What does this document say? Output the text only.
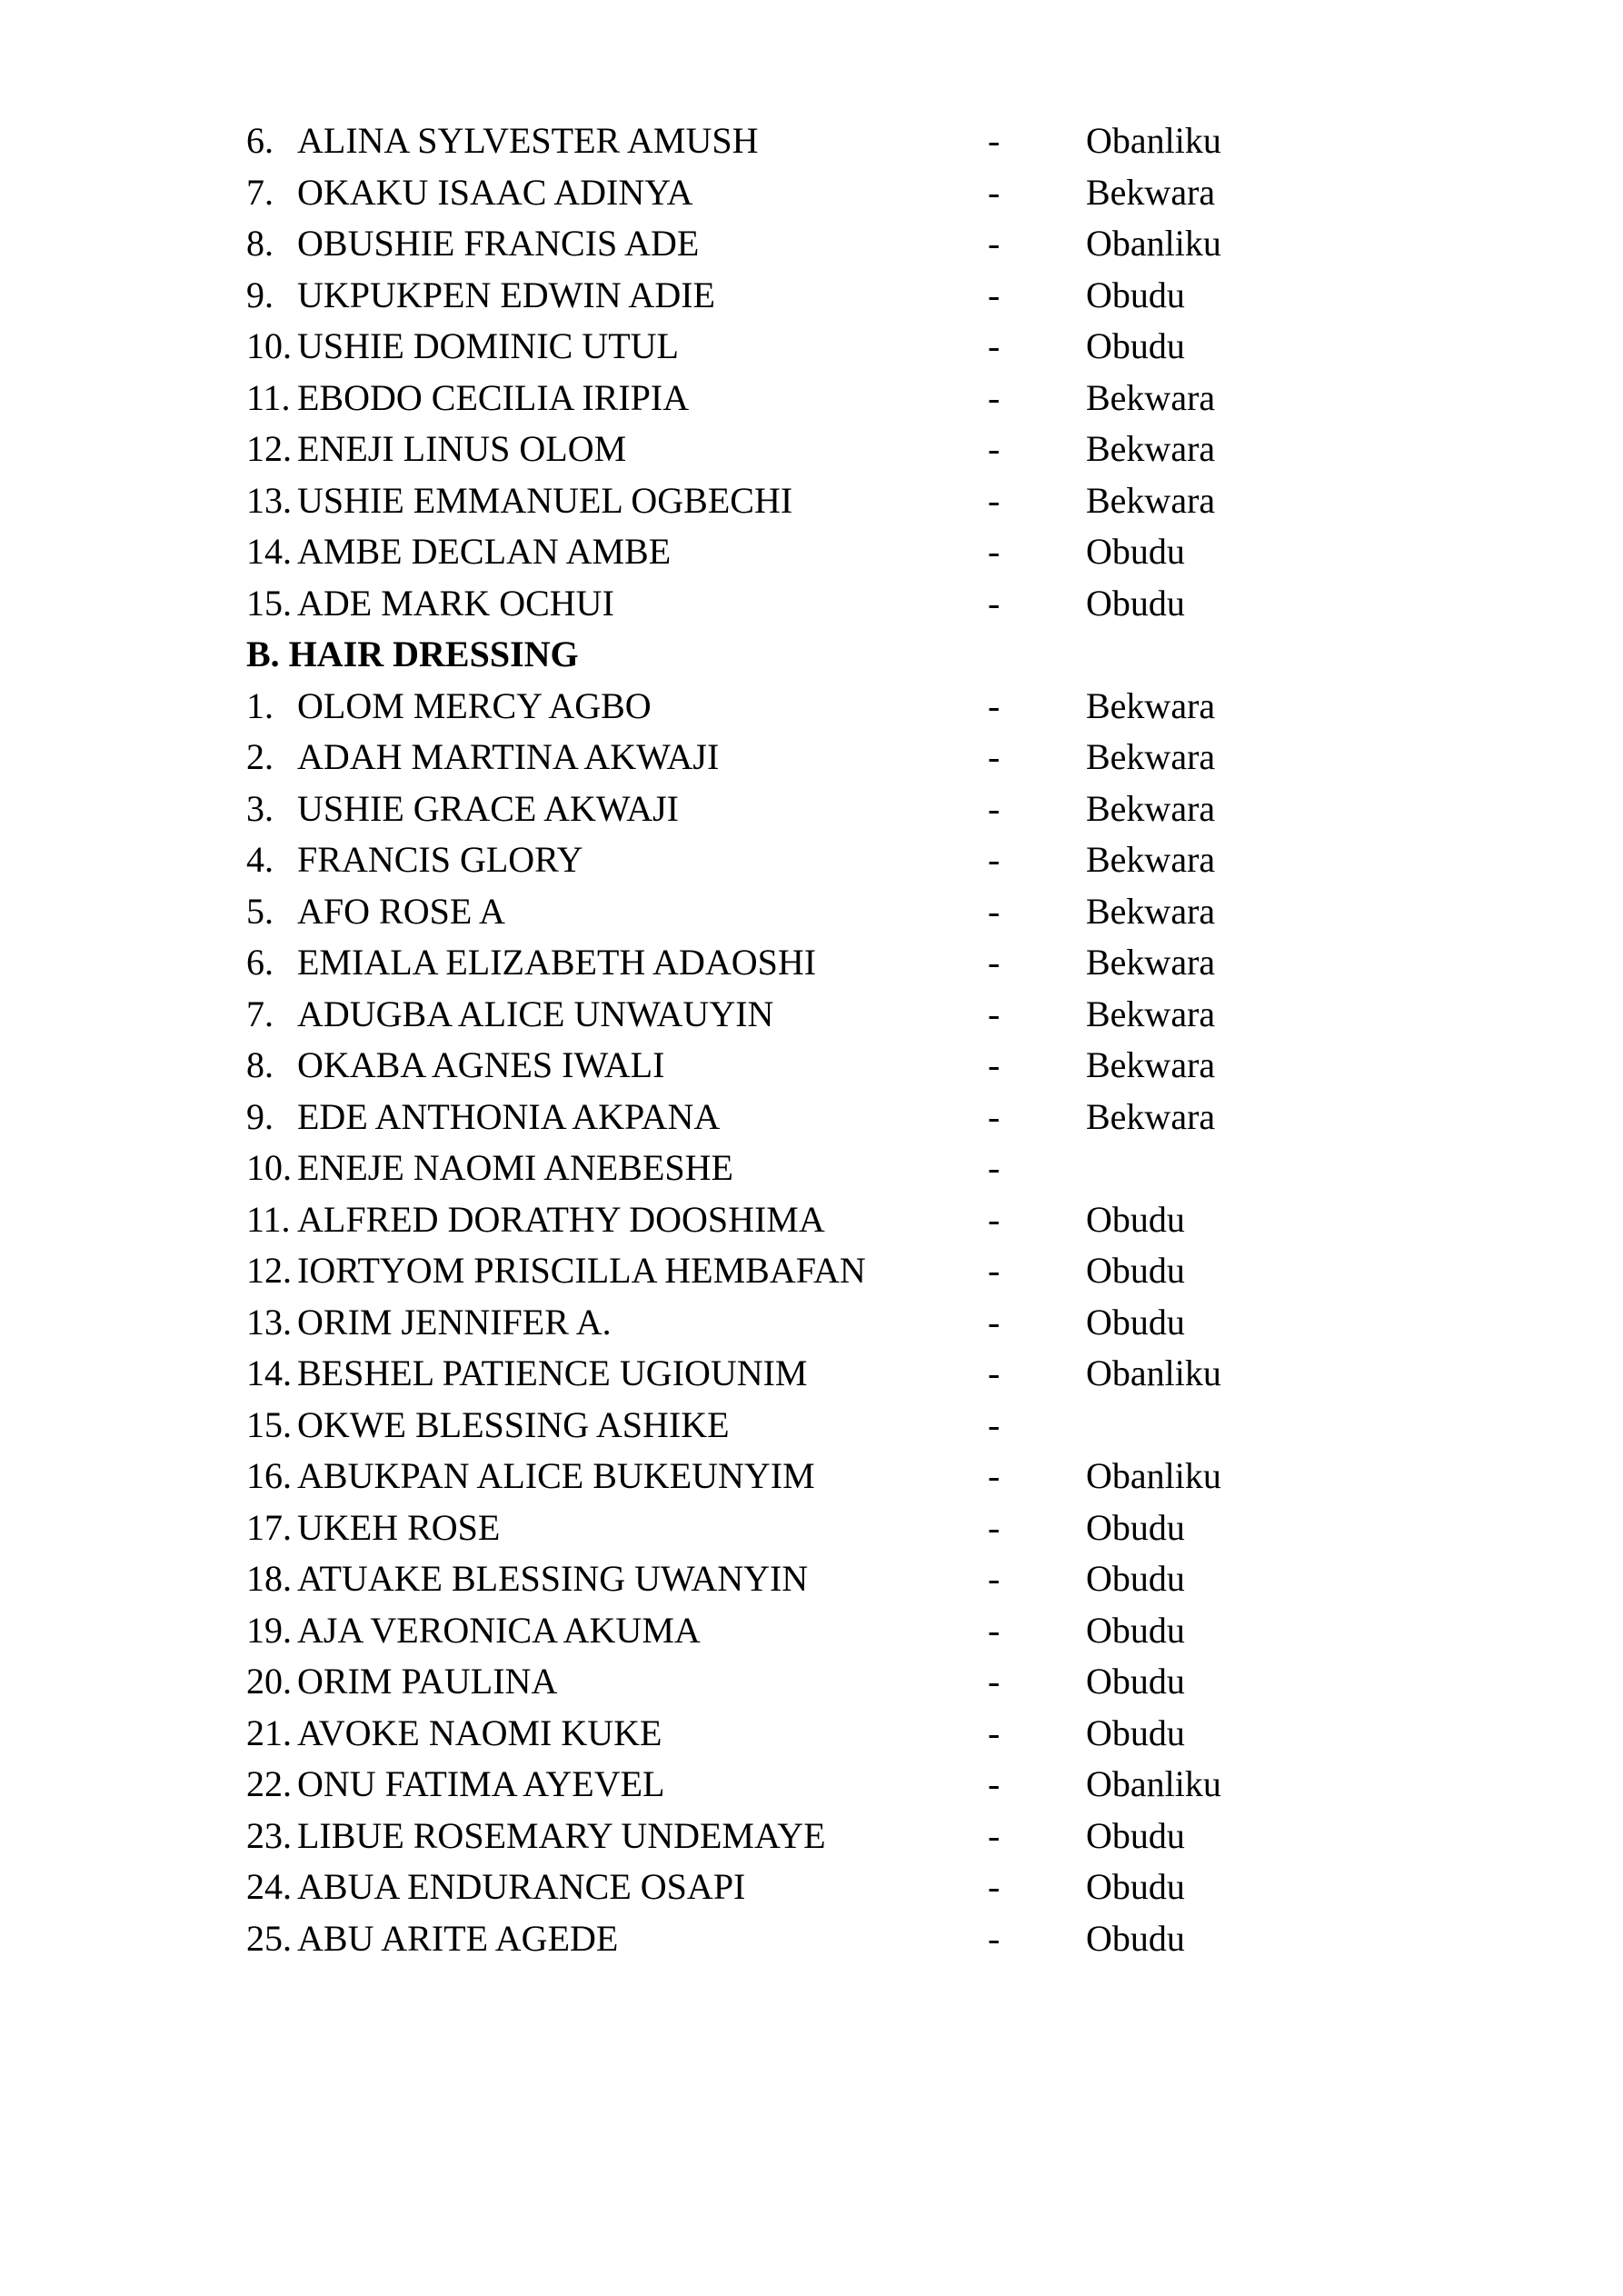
6. ALINA SYLVESTER AMUSH	- Obanliku
7. OKAKU ISAAC ADINYA	- Bekwara
8. OBUSHIE FRANCIS ADE	- Obanliku
9. UKPUKPEN EDWIN ADIE	- Obudu
10. USHIE DOMINIC UTUL	- Obudu
11. EBODO CECILIA IRIPIA	- Bekwara
12. ENEJI LINUS OLOM	- Bekwara
13. USHIE EMMANUEL OGBECHI	- Bekwara
14. AMBE DECLAN AMBE	- Obudu
15. ADE MARK OCHUI	- Obudu
B. HAIR DRESSING
1. OLOM MERCY AGBO	- Bekwara
2. ADAH MARTINA AKWAJI	- Bekwara
3. USHIE GRACE AKWAJI	- Bekwara
4. FRANCIS GLORY	- Bekwara
5. AFO ROSE A	- Bekwara
6. EMIALA ELIZABETH ADAOSHI	- Bekwara
7. ADUGBA ALICE UNWAUYIN	- Bekwara
8. OKABA AGNES IWALI	- Bekwara
9. EDE ANTHONIA AKPANA	- Bekwara
10. ENEJE NAOMI ANEBESHE	-
11. ALFRED DORATHY DOOSHIMA	- Obudu
12. IORTYOM PRISCILLA HEMBAFAN	- Obudu
13. ORIM JENNIFER A.	- Obudu
14. BESHEL PATIENCE UGIOUNIM	- Obanliku
15. OKWE BLESSING ASHIKE	-
16. ABUKPAN ALICE BUKEUNYIM	- Obanliku
17. UKEH ROSE	- Obudu
18. ATUAKE BLESSING UWANYIN	- Obudu
19. AJA VERONICA AKUMA	- Obudu
20. ORIM PAULINA	- Obudu
21. AVOKE NAOMI KUKE	- Obudu
22. ONU FATIMA AYEVEL	- Obanliku
23. LIBUE ROSEMARY UNDEMAYE	- Obudu
24. ABUA ENDURANCE OSAPI	- Obudu
25. ABU ARITE AGEDE	- Obudu
